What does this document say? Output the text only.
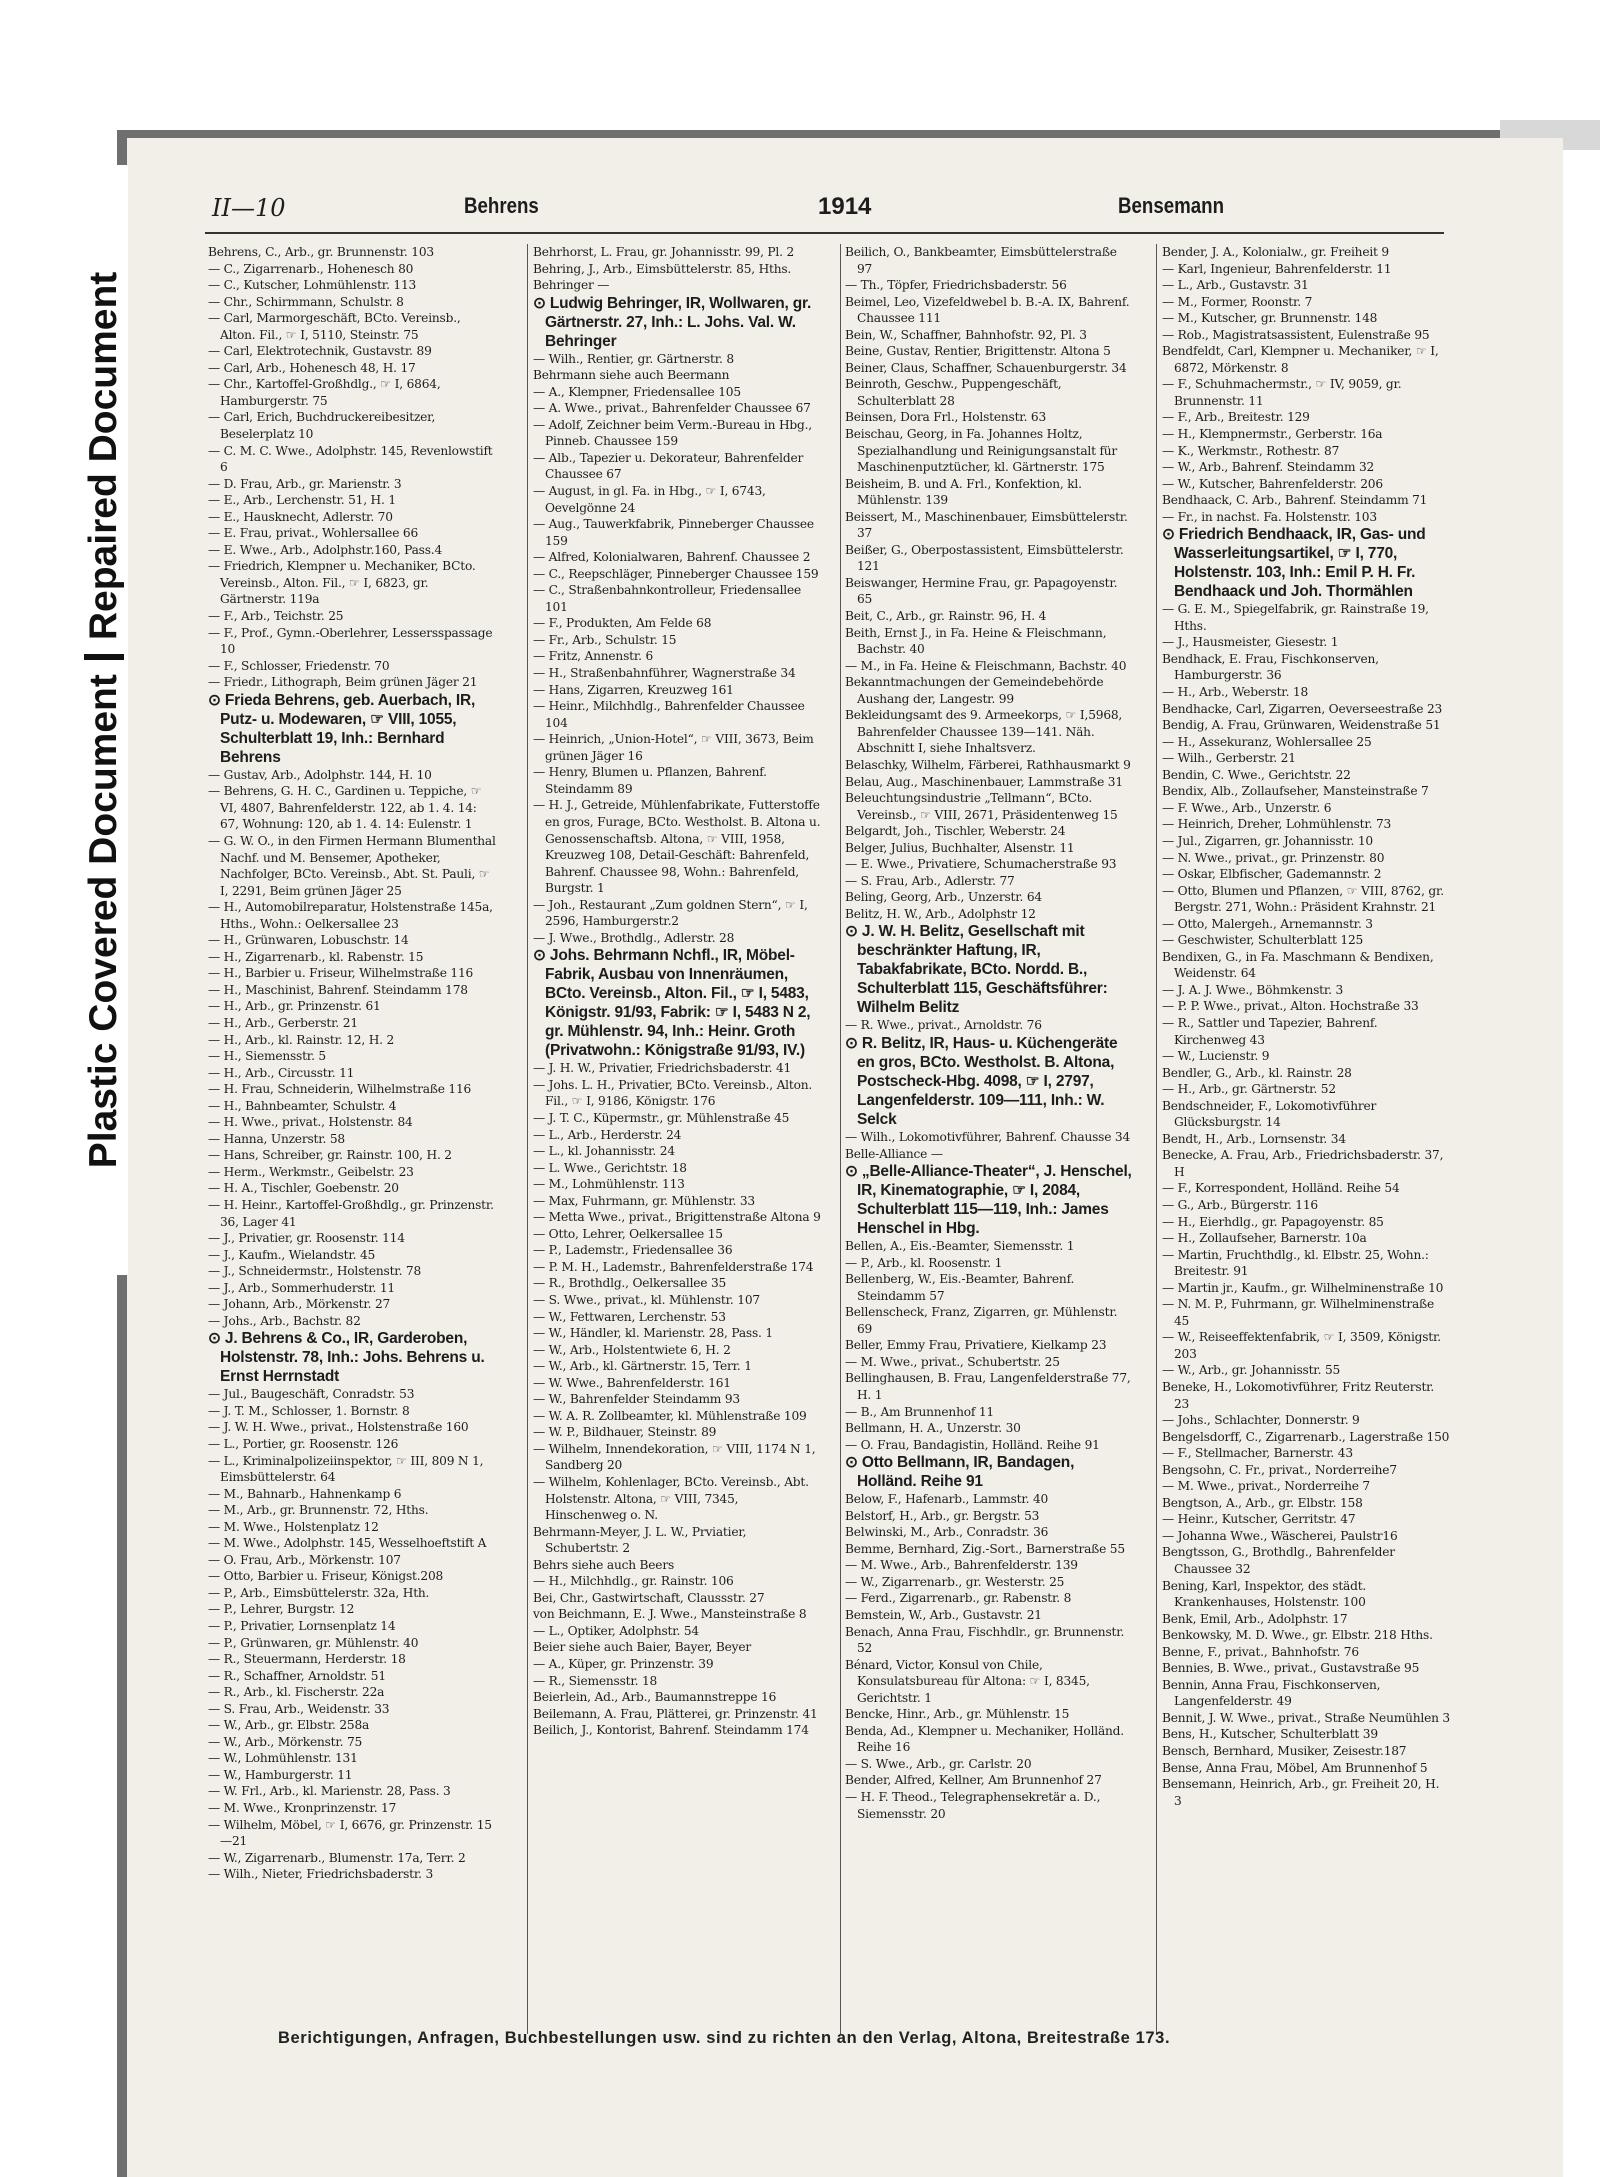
Plastic Covered Document
Repaired Document
II—10	Behrens	1914	Bensemann

Behrens, C., Arb., gr. Brunnenstr. 103

— C., Zigarrenarb., Hohenesch 80

— C., Kutscher, Lohmühlenstr. 113

— Chr., Schirmmann, Schulstr. 8

— Carl, Marmorgeschäft, BCto. Vereinsb., Alton. Fil., ☞ I, 5110, Steinstr. 75

— Carl, Elektrotechnik, Gustavstr. 89

— Carl, Arb., Hohenesch 48, H. 17

— Chr., Kartoffel-Großhdlg., ☞ I, 6864, Hamburgerstr. 75

— Carl, Erich, Buchdruckereibesitzer, Beselerplatz 10

— C. M. C. Wwe., Adolphstr. 145, Revenlowstift 6

— D. Frau, Arb., gr. Marienstr. 3

— E., Arb., Lerchenstr. 51, H. 1

— E., Hausknecht, Adlerstr. 70

— E. Frau, privat., Wohlersallee 66

— E. Wwe., Arb., Adolphstr.160, Pass.4

— Friedrich, Klempner u. Mechaniker, BCto. Vereinsb., Alton. Fil., ☞ I, 6823, gr. Gärtnerstr. 119a

— F., Arb., Teichstr. 25

— F., Prof., Gymn.-Oberlehrer, Lessersspassage 10

— F., Schlosser, Friedenstr. 70

— Friedr., Lithograph, Beim grünen Jäger 21

⊙ Frieda Behrens, geb. Auerbach, IR, Putz- u. Modewaren, ☞ VIII, 1055, Schulterblatt 19, Inh.: Bernhard Behrens

— Gustav, Arb., Adolphstr. 144, H. 10

— Behrens, G. H. C., Gardinen u. Teppiche, ☞ VI, 4807, Bahrenfelderstr. 122, ab 1. 4. 14: 67, Wohnung: 120, ab 1. 4. 14: Eulenstr. 1

— G. W. O., in den Firmen Hermann Blumenthal Nachf. und M. Bensemer, Apotheker, Nachfolger, BCto. Vereinsb., Abt. St. Pauli, ☞ I, 2291, Beim grünen Jäger 25

— H., Automobilreparatur, Holstenstraße 145a, Hths., Wohn.: Oelkersallee 23

— H., Grünwaren, Lobuschstr. 14

— H., Zigarrenarb., kl. Rabenstr. 15

— H., Barbier u. Friseur, Wilhelmstraße 116

— H., Maschinist, Bahrenf. Steindamm 178

— H., Arb., gr. Prinzenstr. 61

— H., Arb., Gerberstr. 21

— H., Arb., kl. Rainstr. 12, H. 2

— H., Siemensstr. 5

— H., Arb., Circusstr. 11

— H. Frau, Schneiderin, Wilhelmstraße 116

— H., Bahnbeamter, Schulstr. 4

— H. Wwe., privat., Holstenstr. 84

— Hanna, Unzerstr. 58

— Hans, Schreiber, gr. Rainstr. 100, H. 2

— Herm., Werkmstr., Geibelstr. 23

— H. A., Tischler, Goebenstr. 20

— H. Heinr., Kartoffel-Großhdlg., gr. Prinzenstr. 36, Lager 41

— J., Privatier, gr. Roosenstr. 114

— J., Kaufm., Wielandstr. 45

— J., Schneidermstr., Holstenstr. 78

— J., Arb., Sommerhuderstr. 11

— Johann, Arb., Mörkenstr. 27

— Johs., Arb., Bachstr. 82

⊙ J. Behrens & Co., IR, Garderoben, Holstenstr. 78, Inh.: Johs. Behrens u. Ernst Herrnstadt

— Jul., Baugeschäft, Conradstr. 53

— J. T. M., Schlosser, 1. Bornstr. 8

— J. W. H. Wwe., privat., Holstenstraße 160

— L., Portier, gr. Roosenstr. 126

— L., Kriminalpolizeiinspektor, ☞ III, 809 N 1, Eimsbüttelerstr. 64

— M., Bahnarb., Hahnenkamp 6

— M., Arb., gr. Brunnenstr. 72, Hths.

— M. Wwe., Holstenplatz 12

— M. Wwe., Adolphstr. 145, Wesselhoeftstift A

— O. Frau, Arb., Mörkenstr. 107

— Otto, Barbier u. Friseur, Königst.208

— P., Arb., Eimsbüttelerstr. 32a, Hth.

— P., Lehrer, Burgstr. 12

— P., Privatier, Lornsenplatz 14

— P., Grünwaren, gr. Mühlenstr. 40

— R., Steuermann, Herderstr. 18

— R., Schaffner, Arnoldstr. 51

— R., Arb., kl. Fischerstr. 22a

— S. Frau, Arb., Weidenstr. 33

— W., Arb., gr. Elbstr. 258a

— W., Arb., Mörkenstr. 75

— W., Lohmühlenstr. 131

— W., Hamburgerstr. 11

— W. Frl., Arb., kl. Marienstr. 28, Pass. 3

— M. Wwe., Kronprinzenstr. 17

— Wilhelm, Möbel, ☞ I, 6676, gr. Prinzenstr. 15—21

— W., Zigarrenarb., Blumenstr. 17a, Terr. 2

— Wilh., Nieter, Friedrichsbaderstr. 3

Behrhorst, L. Frau, gr. Johannisstr. 99, Pl. 2

Behring, J., Arb., Eimsbüttelerstr. 85, Hths.

Behringer —

⊙ Ludwig Behringer, IR, Wollwaren, gr. Gärtnerstr. 27, Inh.: L. Johs. Val. W. Behringer

— Wilh., Rentier, gr. Gärtnerstr. 8

Behrmann siehe auch Beermann

— A., Klempner, Friedensallee 105

— A. Wwe., privat., Bahrenfelder Chaussee 67

— Adolf, Zeichner beim Verm.-Bureau in Hbg., Pinneb. Chaussee 159

— Alb., Tapezier u. Dekorateur, Bahrenfelder Chaussee 67

— August, in gl. Fa. in Hbg., ☞ I, 6743, Oevelgönne 24

— Aug., Tauwerkfabrik, Pinneberger Chaussee 159

— Alfred, Kolonialwaren, Bahrenf. Chaussee 2

— C., Reepschläger, Pinneberger Chaussee 159

— C., Straßenbahnkontrolleur, Friedensallee 101

— F., Produkten, Am Felde 68

— Fr., Arb., Schulstr. 15

— Fritz, Annenstr. 6

— H., Straßenbahnführer, Wagnerstraße 34

— Hans, Zigarren, Kreuzweg 161

— Heinr., Milchhdlg., Bahrenfelder Chaussee 104

— Heinrich, „Union-Hotel“, ☞ VIII, 3673, Beim grünen Jäger 16

— Henry, Blumen u. Pflanzen, Bahrenf. Steindamm 89

— H. J., Getreide, Mühlenfabrikate, Futterstoffe en gros, Furage, BCto. Westholst. B. Altona u. Genossenschaftsb. Altona, ☞ VIII, 1958, Kreuzweg 108, Detail-Geschäft: Bahrenfeld, Bahrenf. Chaussee 98, Wohn.: Bahrenfeld, Burgstr. 1

— Joh., Restaurant „Zum goldnen Stern“, ☞ I, 2596, Hamburgerstr.2

— J. Wwe., Brothdlg., Adlerstr. 28

⊙ Johs. Behrmann Nchfl., IR, Möbel-Fabrik, Ausbau von Innenräumen, BCto. Vereinsb., Alton. Fil., ☞ I, 5483, Königstr. 91/93, Fabrik: ☞ I, 5483 N 2, gr. Mühlenstr. 94, Inh.: Heinr. Groth (Privatwohn.: Königstraße 91/93, IV.)

— J. H. W., Privatier, Friedrichsbaderstr. 41

— Johs. L. H., Privatier, BCto. Vereinsb., Alton. Fil., ☞ I, 9186, Königstr. 176

— J. T. C., Küpermstr., gr. Mühlenstraße 45

— L., Arb., Herderstr. 24

— L., kl. Johannisstr. 24

— L. Wwe., Gerichtstr. 18

— M., Lohmühlenstr. 113

— Max, Fuhrmann, gr. Mühlenstr. 33

— Metta Wwe., privat., Brigittenstraße Altona 9

— Otto, Lehrer, Oelkersallee 15

— P., Lademstr., Friedensallee 36

— P. M. H., Lademstr., Bahrenfelderstraße 174

— R., Brothdlg., Oelkersallee 35

— S. Wwe., privat., kl. Mühlenstr. 107

— W., Fettwaren, Lerchenstr. 53

— W., Händler, kl. Marienstr. 28, Pass. 1

— W., Arb., Holstentwiete 6, H. 2

— W., Arb., kl. Gärtnerstr. 15, Terr. 1

— W. Wwe., Bahrenfelderstr. 161

— W., Bahrenfelder Steindamm 93

— W. A. R. Zollbeamter, kl. Mühlenstraße 109

— W. P., Bildhauer, Steinstr. 89

— Wilhelm, Innendekoration, ☞ VIII, 1174 N 1, Sandberg 20

— Wilhelm, Kohlenlager, BCto. Vereinsb., Abt. Holstenstr. Altona, ☞ VIII, 7345, Hinschenweg o. N.

Behrmann-Meyer, J. L. W., Prviatier, Schubertstr. 2

Behrs siehe auch Beers

— H., Milchhdlg., gr. Rainstr. 106

Bei, Chr., Gastwirtschaft, Claussstr. 27

von Beichmann, E. J. Wwe., Mansteinstraße 8

— L., Optiker, Adolphstr. 54

Beier siehe auch Baier, Bayer, Beyer

— A., Küper, gr. Prinzenstr. 39

— R., Siemensstr. 18

Beierlein, Ad., Arb., Baumannstreppe 16

Beilemann, A. Frau, Plätterei, gr. Prinzenstr. 41

Beilich, J., Kontorist, Bahrenf. Steindamm 174

Beilich, O., Bankbeamter, Eimsbüttelerstraße 97

— Th., Töpfer, Friedrichsbaderstr. 56

Beimel, Leo, Vizefeldwebel b. B.-A. IX, Bahrenf. Chaussee 111

Bein, W., Schaffner, Bahnhofstr. 92, Pl. 3

Beine, Gustav, Rentier, Brigittenstr. Altona 5

Beiner, Claus, Schaffner, Schauenburgerstr. 34

Beinroth, Geschw., Puppengeschäft, Schulterblatt 28

Beinsen, Dora Frl., Holstenstr. 63

Beischau, Georg, in Fa. Johannes Holtz, Spezialhandlung und Reinigungsanstalt für Maschinenputztücher, kl. Gärtnerstr. 175

Beisheim, B. und A. Frl., Konfektion, kl. Mühlenstr. 139

Beissert, M., Maschinenbauer, Eimsbüttelerstr. 37

Beißer, G., Oberpostassistent, Eimsbüttelerstr. 121

Beiswanger, Hermine Frau, gr. Papagoyenstr. 65

Beit, C., Arb., gr. Rainstr. 96, H. 4

Beith, Ernst J., in Fa. Heine & Fleischmann, Bachstr. 40

— M., in Fa. Heine & Fleischmann, Bachstr. 40

Bekanntmachungen der Gemeindebehörde Aushang der, Langestr. 99

Bekleidungsamt des 9. Armeekorps, ☞ I,5968, Bahrenfelder Chaussee 139—141. Näh. Abschnitt I, siehe Inhaltsverz.

Belaschky, Wilhelm, Färberei, Rathhausmarkt 9

Belau, Aug., Maschinenbauer, Lammstraße 31

Beleuchtungsindustrie „Tellmann“, BCto. Vereinsb., ☞ VIII, 2671, Präsidentenweg 15

Belgardt, Joh., Tischler, Weberstr. 24

Belger, Julius, Buchhalter, Alsenstr. 11

— E. Wwe., Privatiere, Schumacherstraße 93

— S. Frau, Arb., Adlerstr. 77

Beling, Georg, Arb., Unzerstr. 64

Belitz, H. W., Arb., Adolphstr 12

⊙ J. W. H. Belitz, Gesellschaft mit beschränkter Haftung, IR, Tabakfabrikate, BCto. Nordd. B., Schulterblatt 115, Geschäftsführer: Wilhelm Belitz

— R. Wwe., privat., Arnoldstr. 76

⊙ R. Belitz, IR, Haus- u. Küchengeräte en gros, BCto. Westholst. B. Altona, Postscheck-Hbg. 4098, ☞ I, 2797, Langenfelderstr. 109—111, Inh.: W. Selck

— Wilh., Lokomotivführer, Bahrenf. Chausse 34

Belle-Alliance —

⊙ „Belle-Alliance-Theater“, J. Henschel, IR, Kinematographie, ☞ I, 2084, Schulterblatt 115—119, Inh.: James Henschel in Hbg.

Bellen, A., Eis.-Beamter, Siemensstr. 1

— P., Arb., kl. Roosenstr. 1

Bellenberg, W., Eis.-Beamter, Bahrenf. Steindamm 57

Bellenscheck, Franz, Zigarren, gr. Mühlenstr. 69

Beller, Emmy Frau, Privatiere, Kielkamp 23

— M. Wwe., privat., Schubertstr. 25

Bellinghausen, B. Frau, Langenfelderstraße 77, H. 1

— B., Am Brunnenhof 11

Bellmann, H. A., Unzerstr. 30

— O. Frau, Bandagistin, Holländ. Reihe 91

⊙ Otto Bellmann, IR, Bandagen, Holländ. Reihe 91

Below, F., Hafenarb., Lammstr. 40

Belstorf, H., Arb., gr. Bergstr. 53

Belwinski, M., Arb., Conradstr. 36

Bemme, Bernhard, Zig.-Sort., Barnerstraße 55

— M. Wwe., Arb., Bahrenfelderstr. 139

— W., Zigarrenarb., gr. Westerstr. 25

— Ferd., Zigarrenarb., gr. Rabenstr. 8

Bemstein, W., Arb., Gustavstr. 21

Benach, Anna Frau, Fischhdlr., gr. Brunnenstr. 52

Bénard, Victor, Konsul von Chile, Konsulatsbureau für Altona: ☞ I, 8345, Gerichtstr. 1

Bencke, Hinr., Arb., gr. Mühlenstr. 15

Benda, Ad., Klempner u. Mechaniker, Holländ. Reihe 16

— S. Wwe., Arb., gr. Carlstr. 20

Bender, Alfred, Kellner, Am Brunnenhof 27

— H. F. Theod., Telegraphensekretär a. D., Siemensstr. 20

Bender, J. A., Kolonialw., gr. Freiheit 9

— Karl, Ingenieur, Bahrenfelderstr. 11

— L., Arb., Gustavstr. 31

— M., Former, Roonstr. 7

— M., Kutscher, gr. Brunnenstr. 148

— Rob., Magistratsassistent, Eulenstraße 95

Bendfeldt, Carl, Klempner u. Mechaniker, ☞ I, 6872, Mörkenstr. 8

— F., Schuhmachermstr., ☞ IV, 9059, gr. Brunnenstr. 11

— F., Arb., Breitestr. 129

— H., Klempnermstr., Gerberstr. 16a

— K., Werkmstr., Rothestr. 87

— W., Arb., Bahrenf. Steindamm 32

— W., Kutscher, Bahrenfelderstr. 206

Bendhaack, C. Arb., Bahrenf. Steindamm 71

— Fr., in nachst. Fa. Holstenstr. 103

⊙ Friedrich Bendhaack, IR, Gas- und Wasserleitungsartikel, ☞ I, 770, Holstenstr. 103, Inh.: Emil P. H. Fr. Bendhaack und Joh. Thormählen

— G. E. M., Spiegelfabrik, gr. Rainstraße 19, Hths.

— J., Hausmeister, Giesestr. 1

Bendhack, E. Frau, Fischkonserven, Hamburgerstr. 36

— H., Arb., Weberstr. 18

Bendhacke, Carl, Zigarren, Oeverseestraße 23

Bendig, A. Frau, Grünwaren, Weidenstraße 51

— H., Assekuranz, Wohlersallee 25

— Wilh., Gerberstr. 21

Bendin, C. Wwe., Gerichtstr. 22

Bendix, Alb., Zollaufseher, Mansteinstraße 7

— F. Wwe., Arb., Unzerstr. 6

— Heinrich, Dreher, Lohmühlenstr. 73

— Jul., Zigarren, gr. Johannisstr. 10

— N. Wwe., privat., gr. Prinzenstr. 80

— Oskar, Elbfischer, Gademannstr. 2

— Otto, Blumen und Pflanzen, ☞ VIII, 8762, gr. Bergstr. 271, Wohn.: Präsident Krahnstr. 21

— Otto, Malergeh., Arnemannstr. 3

— Geschwister, Schulterblatt 125

Bendixen, G., in Fa. Maschmann & Bendixen, Weidenstr. 64

— J. A. J. Wwe., Böhmkenstr. 3

— P. P. Wwe., privat., Alton. Hochstraße 33

— R., Sattler und Tapezier, Bahrenf. Kirchenweg 43

— W., Lucienstr. 9

Bendler, G., Arb., kl. Rainstr. 28

— H., Arb., gr. Gärtnerstr. 52

Bendschneider, F., Lokomotivführer Glücksburgstr. 14

Bendt, H., Arb., Lornsenstr. 34

Benecke, A. Frau, Arb., Friedrichsbaderstr. 37, H

— F., Korrespondent, Holländ. Reihe 54

— G., Arb., Bürgerstr. 116

— H., Eierhdlg., gr. Papagoyenstr. 85

— H., Zollaufseher, Barnerstr. 10a

— Martin, Fruchthdlg., kl. Elbstr. 25, Wohn.: Breitestr. 91

— Martin jr., Kaufm., gr. Wilhelminenstraße 10

— N. M. P., Fuhrmann, gr. Wilhelminenstraße 45

— W., Reiseeffektenfabrik, ☞ I, 3509, Königstr. 203

— W., Arb., gr. Johannisstr. 55

Beneke, H., Lokomotivführer, Fritz Reuterstr. 23

— Johs., Schlachter, Donnerstr. 9

Bengelsdorff, C., Zigarrenarb., Lagerstraße 150

— F., Stellmacher, Barnerstr. 43

Bengsohn, C. Fr., privat., Norderreihe7

— M. Wwe., privat., Norderreihe 7

Bengtson, A., Arb., gr. Elbstr. 158

— Heinr., Kutscher, Gerritstr. 47

— Johanna Wwe., Wäscherei, Paulstr16

Bengtsson, G., Brothdlg., Bahrenfelder Chaussee 32

Bening, Karl, Inspektor, des städt. Krankenhauses, Holstenstr. 100

Benk, Emil, Arb., Adolphstr. 17

Benkowsky, M. D. Wwe., gr. Elbstr. 218 Hths.

Benne, F., privat., Bahnhofstr. 76

Bennies, B. Wwe., privat., Gustavstraße 95

Bennin, Anna Frau, Fischkonserven, Langenfelderstr. 49

Bennit, J. W. Wwe., privat., Straße Neumühlen 3

Bens, H., Kutscher, Schulterblatt 39

Bensch, Bernhard, Musiker, Zeisestr.187

Bense, Anna Frau, Möbel, Am Brunnenhof 5

Bensemann, Heinrich, Arb., gr. Freiheit 20, H. 3

Berichtigungen, Anfragen, Buchbestellungen usw. sind zu richten an den Verlag, Altona, Breitestraße 173.
